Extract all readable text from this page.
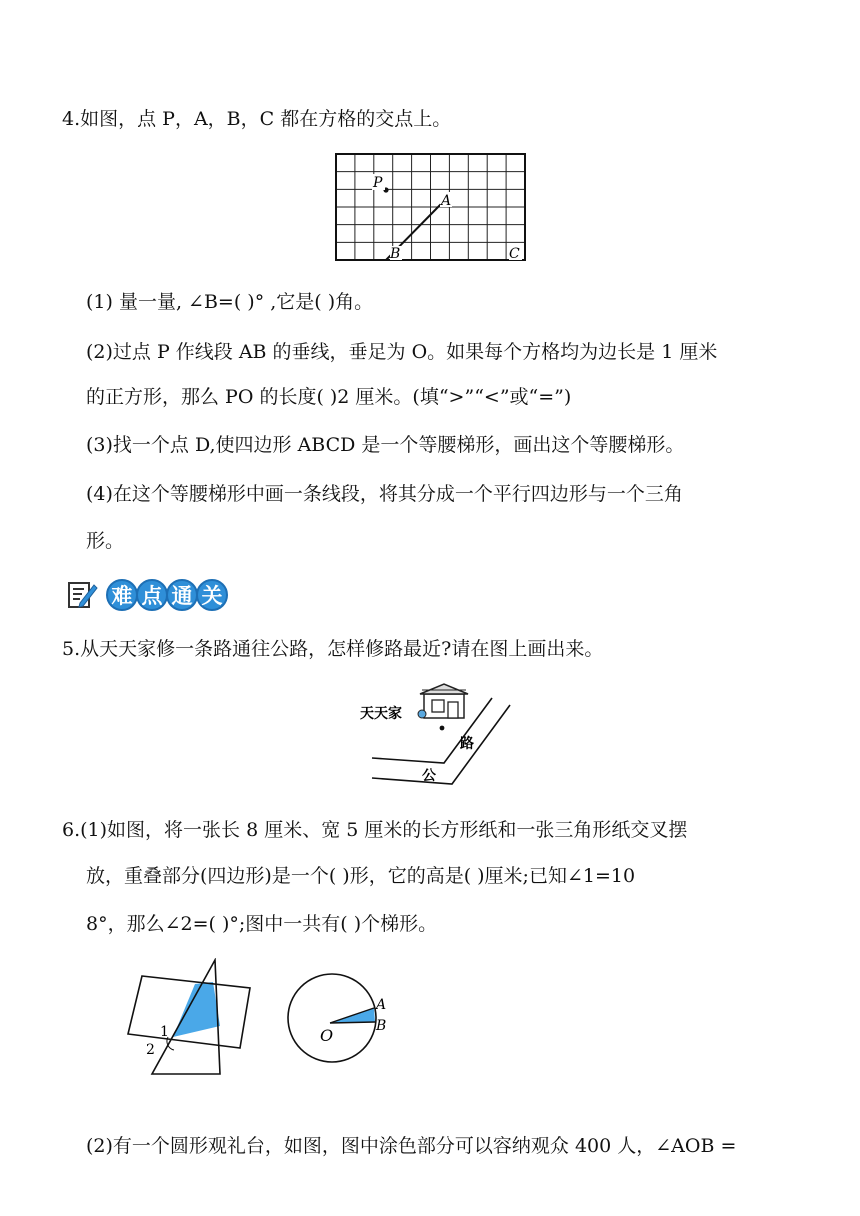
4.如图，点 P，A，B，C 都在方格的交点上。
P
A
B	C
(1) 量一量, ∠B=( )° ,它是( )角。
(2)过点 P 作线段 AB 的垂线，垂足为 O。如果每个方格均为边长是 1 厘米
的正方形，那么 PO 的长度( )2 厘米。(填“>”“<”或“=”)
(3)找一个点 D,使四边形 ABCD 是一个等腰梯形，画出这个等腰梯形。
(4)在这个等腰梯形中画一条线段，将其分成一个平行四边形与一个三角
形。
难 点 通 关
5.从天天家修一条路通往公路，怎样修路最近?请在图上画出来。
天天家
路
公
6.(1)如图，将一张长 8 厘米、宽 5 厘米的长方形纸和一张三角形纸交叉摆
放，重叠部分(四边形)是一个( )形，它的高是( )厘米;已知∠1=10
8°，那么∠2=( )°;图中一共有( )个梯形。
1
2
O
A
B
(2)有一个圆形观礼台，如图，图中涂色部分可以容纳观众 400 人，∠AOB =
